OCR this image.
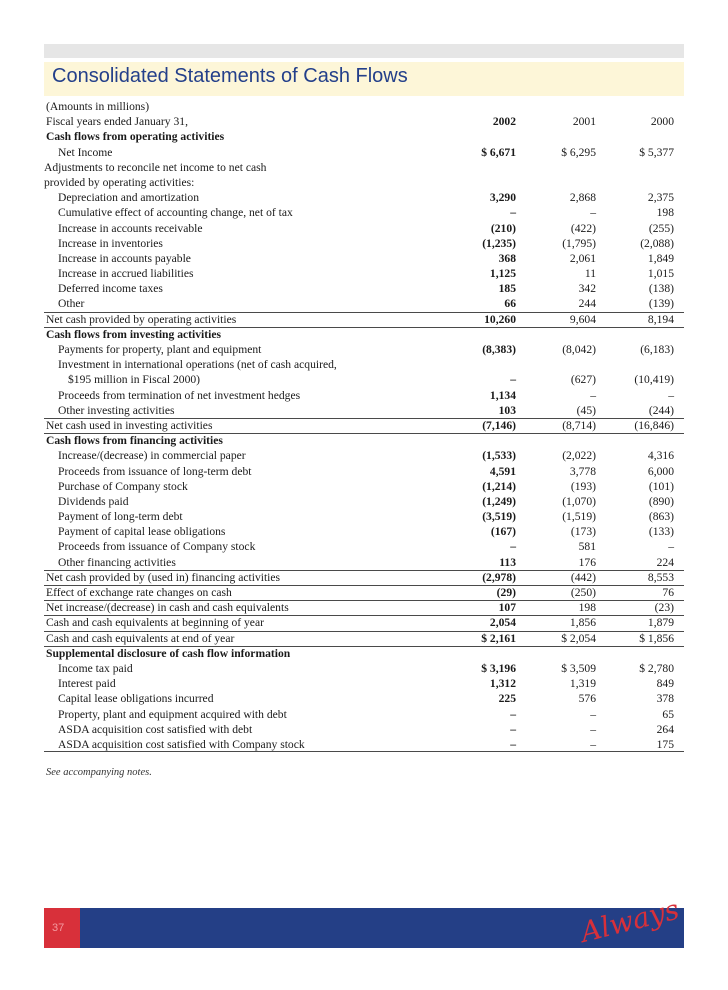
Consolidated Statements of Cash Flows
(Amounts in millions)
Fiscal years ended January 31,	2002	2001	2000
Cash flows from operating activities
Net Income	$ 6,671	$ 6,295	$ 5,377
Adjustments to reconcile net income to net cash
provided by operating activities:
Depreciation and amortization	3,290	2,868	2,375
Cumulative effect of accounting change, net of tax	–	–	198
Increase in accounts receivable	(210)	(422)	(255)
Increase in inventories	(1,235)	(1,795)	(2,088)
Increase in accounts payable	368	2,061	1,849
Increase in accrued liabilities	1,125	11	1,015
Deferred income taxes	185	342	(138)
Other	66	244	(139)
Net cash provided by operating activities	10,260	9,604	8,194
Cash flows from investing activities
Payments for property, plant and equipment	(8,383)	(8,042)	(6,183)
Investment in international operations (net of cash acquired,
$195 million in Fiscal 2000)	–	(627)	(10,419)
Proceeds from termination of net investment hedges	1,134	–	–
Other investing activities	103	(45)	(244)
Net cash used in investing activities	(7,146)	(8,714)	(16,846)
Cash flows from financing activities
Increase/(decrease) in commercial paper	(1,533)	(2,022)	4,316
Proceeds from issuance of long-term debt	4,591	3,778	6,000
Purchase of Company stock	(1,214)	(193)	(101)
Dividends paid	(1,249)	(1,070)	(890)
Payment of long-term debt	(3,519)	(1,519)	(863)
Payment of capital lease obligations	(167)	(173)	(133)
Proceeds from issuance of Company stock	–	581	–
Other financing activities	113	176	224
Net cash provided by (used in) financing activities	(2,978)	(442)	8,553
Effect of exchange rate changes on cash	(29)	(250)	76
Net increase/(decrease) in cash and cash equivalents	107	198	(23)
Cash and cash equivalents at beginning of year	2,054	1,856	1,879
Cash and cash equivalents at end of year	$ 2,161	$ 2,054	$ 1,856
Supplemental disclosure of cash flow information
Income tax paid	$ 3,196	$ 3,509	$ 2,780
Interest paid	1,312	1,319	849
Capital lease obligations incurred	225	576	378
Property, plant and equipment acquired with debt	–	–	65
ASDA acquisition cost satisfied with debt	–	–	264
ASDA acquisition cost satisfied with Company stock	–	–	175
See accompanying notes.
37	Always
